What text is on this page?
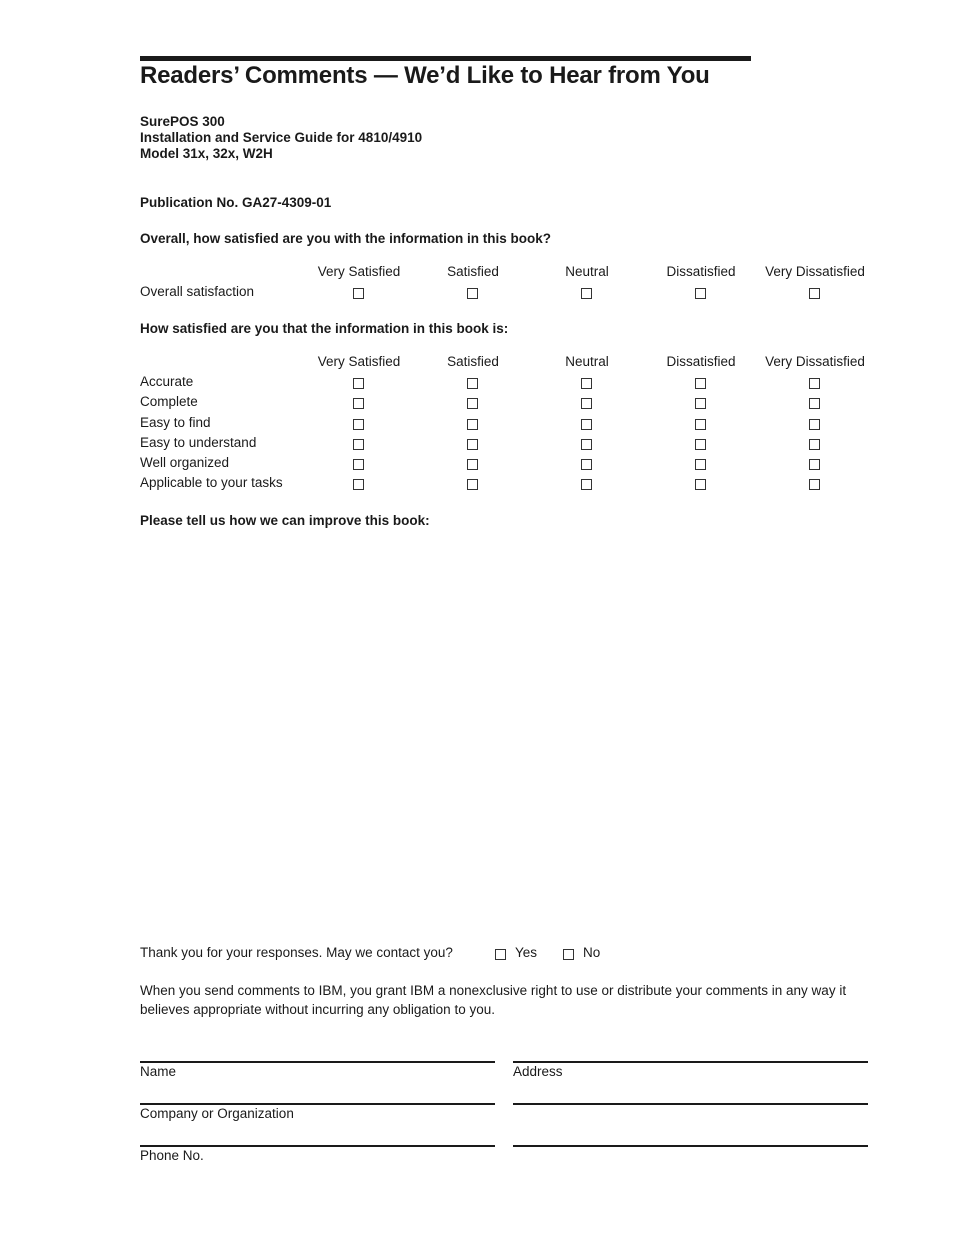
Readers’ Comments — We’d Like to Hear from You
SurePOS 300
Installation and Service Guide for 4810/4910
Model 31x, 32x, W2H
Publication No. GA27-4309-01
Overall, how satisfied are you with the information in this book?
Very Satisfied	Satisfied	Neutral	Dissatisfied	Very Dissatisfied
Overall satisfaction
How satisfied are you that the information in this book is:
Very Satisfied	Satisfied	Neutral	Dissatisfied	Very Dissatisfied
Accurate
Complete
Easy to find
Easy to understand
Well organized
Applicable to your tasks
Please tell us how we can improve this book:
Thank you for your responses. May we contact you?	Yes	No
When you send comments to IBM, you grant IBM a nonexclusive right to use or distribute your comments in any way it believes appropriate without incurring any obligation to you.
Name	Address
Company or Organization
Phone No.
